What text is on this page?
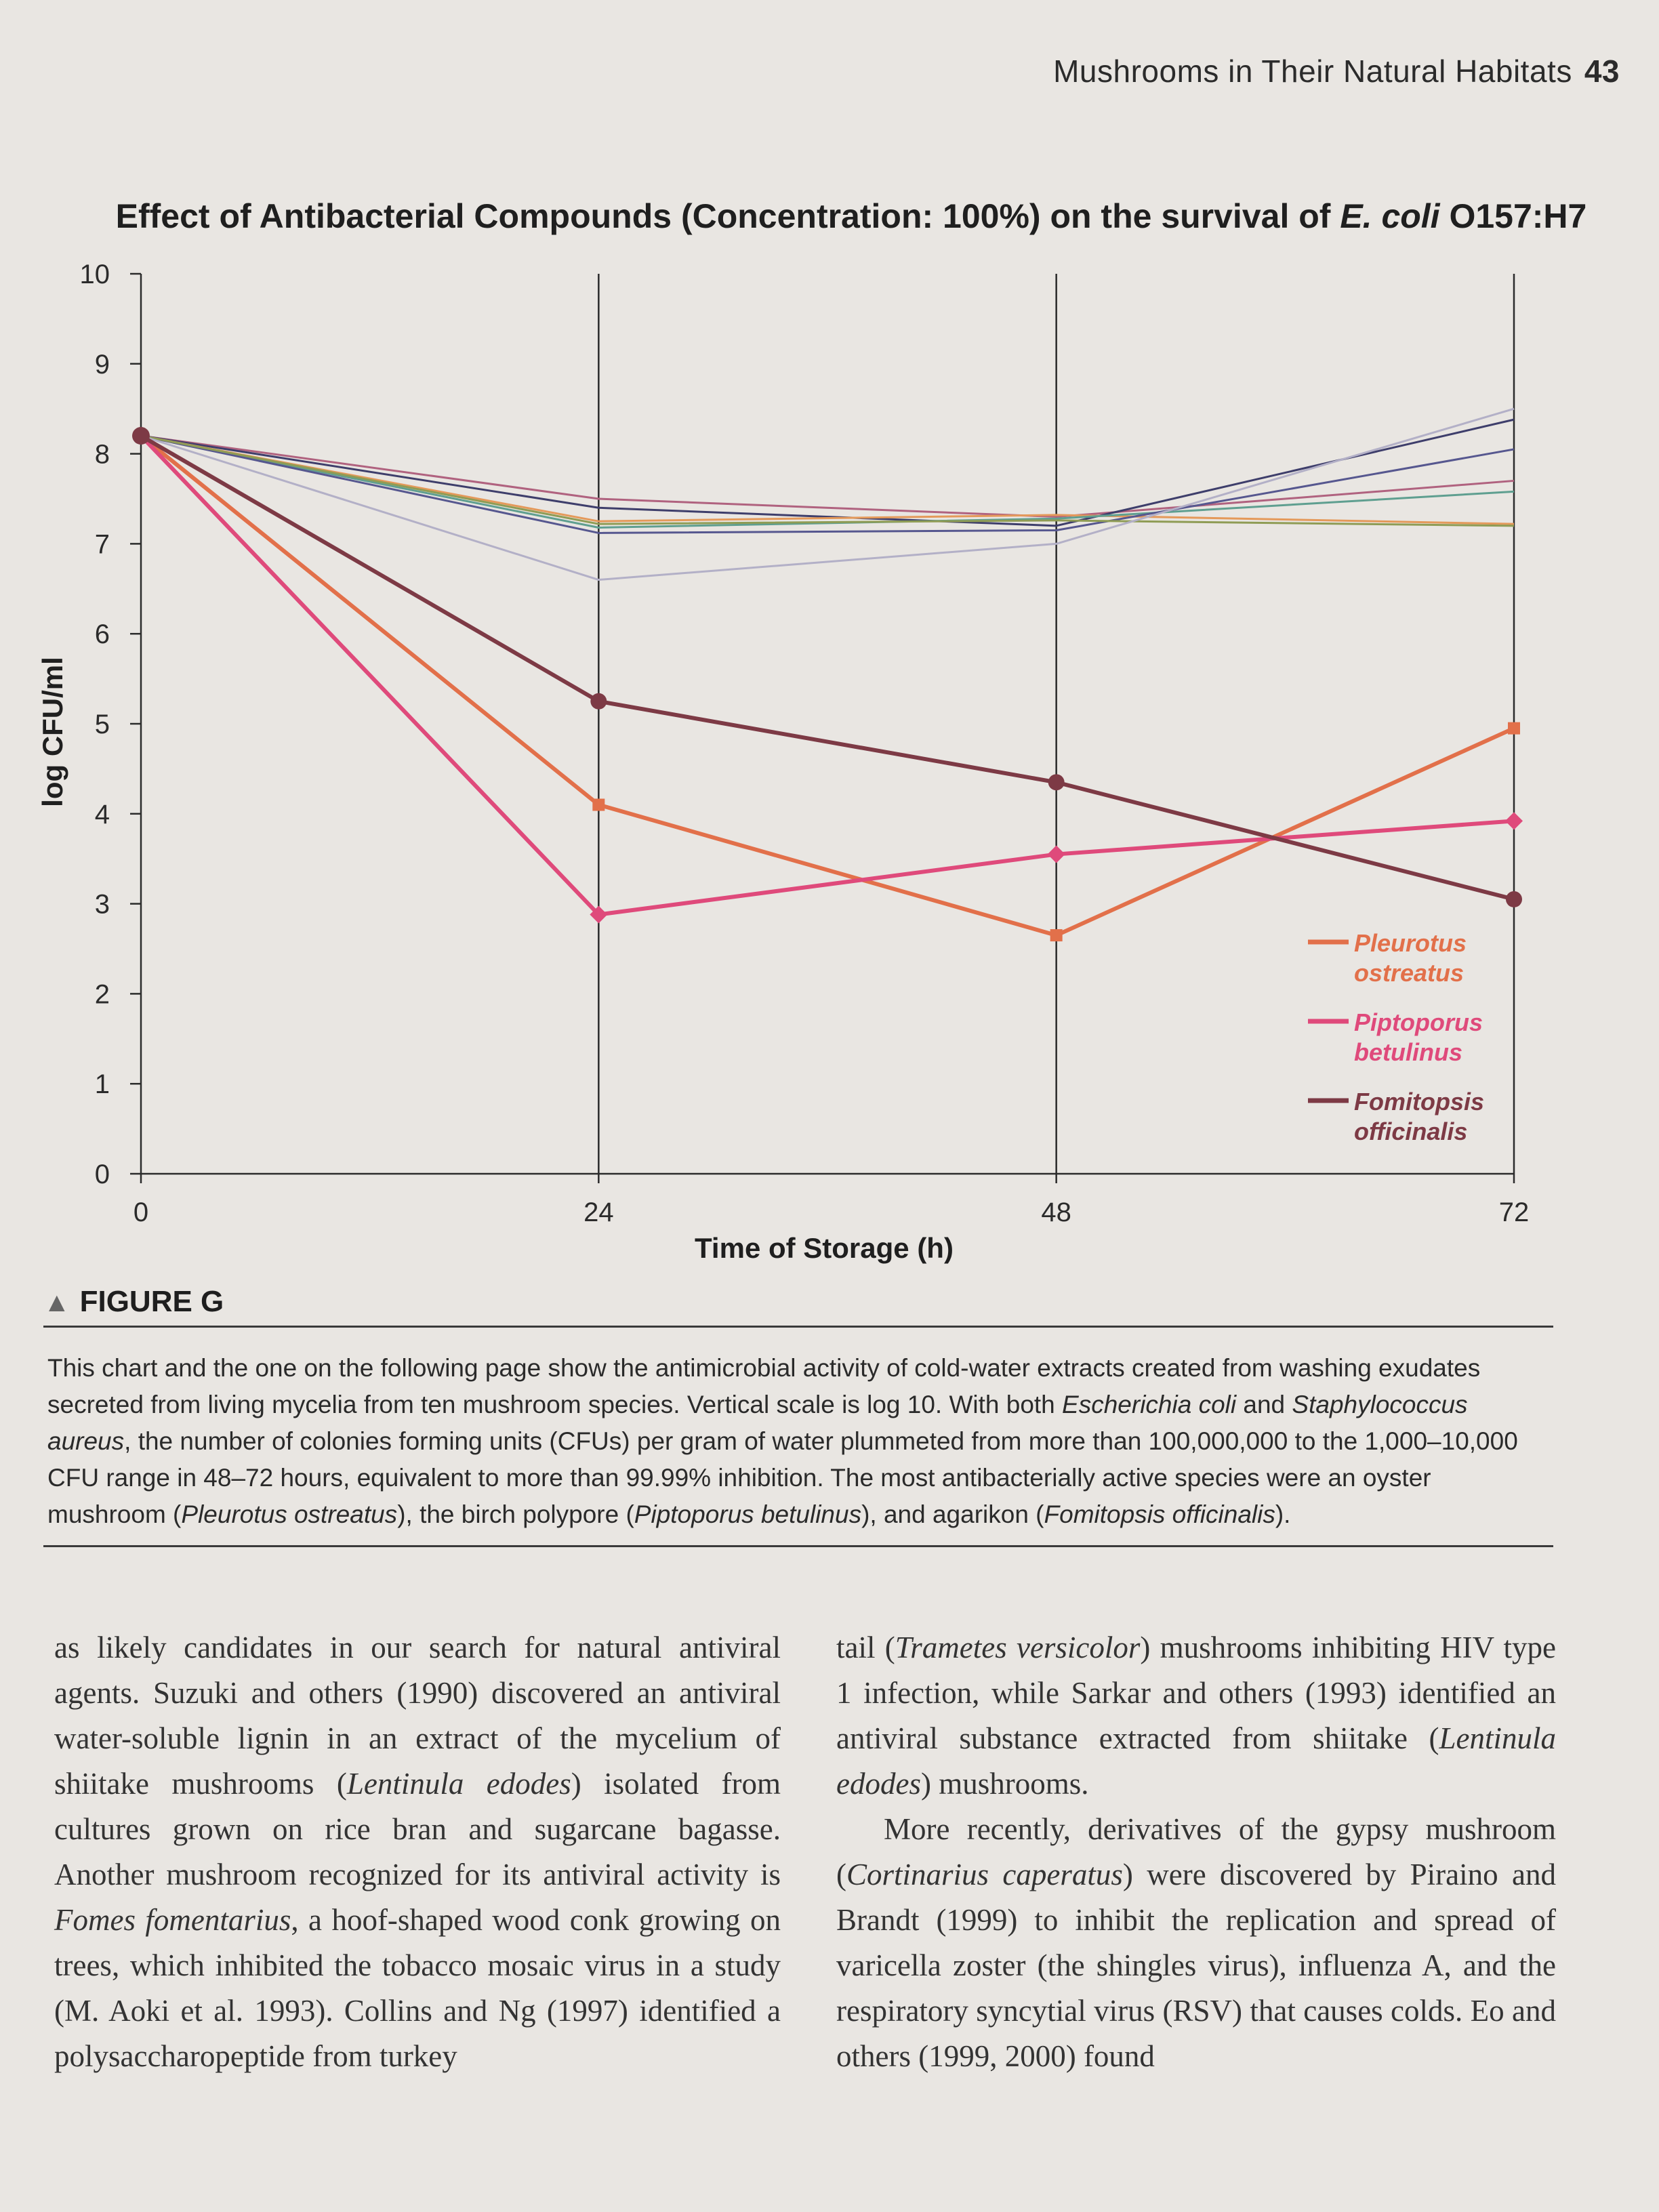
Mushrooms in Their Natural Habitats 43
Effect of Antibacterial Compounds (Concentration: 100%) on the survival of E. coli O157:H7
0
1
2
3
4
5
6
7
8
9
10
0	24	48	72
Pleurotus
ostreatus
Piptoporus
betulinus
Fomitopsis
officinalis
log CFU/ml
Time of Storage (h)
▲ FIGURE G
This chart and the one on the following page show the antimicrobial activity of cold-water extracts created from washing exudates secreted from living mycelia from ten mushroom species. Vertical scale is log 10. With both Escherichia coli and Staphylococcus aureus, the number of colonies forming units (CFUs) per gram of water plummeted from more than 100,000,000 to the 1,000–10,000 CFU range in 48–72 hours, equivalent to more than 99.99% inhibition. The most antibacterially active species were an oyster mushroom (Pleurotus ostreatus), the birch polypore (Piptoporus betulinus), and agarikon (Fomitopsis officinalis).

as likely candidates in our search for natural antiviral agents. Suzuki and others (1990) discovered an antiviral water-soluble lignin in an extract of the mycelium of shiitake mushrooms (Lentinula edodes) isolated from cultures grown on rice bran and sugarcane bagasse. Another mushroom recognized for its antiviral activity is Fomes fomentarius, a hoof-shaped wood conk growing on trees, which inhibited the tobacco mosaic virus in a study (M. Aoki et al. 1993). Collins and Ng (1997) identified a polysaccharopeptide from turkey

tail (Trametes versicolor) mushrooms inhibiting HIV type 1 infection, while Sarkar and others (1993) identified an antiviral substance extracted from shiitake (Lentinula edodes) mushrooms.

More recently, derivatives of the gypsy mushroom (Cortinarius caperatus) were discovered by Piraino and Brandt (1999) to inhibit the replication and spread of varicella zoster (the shingles virus), influenza A, and the respiratory syncytial virus (RSV) that causes colds. Eo and others (1999, 2000) found
